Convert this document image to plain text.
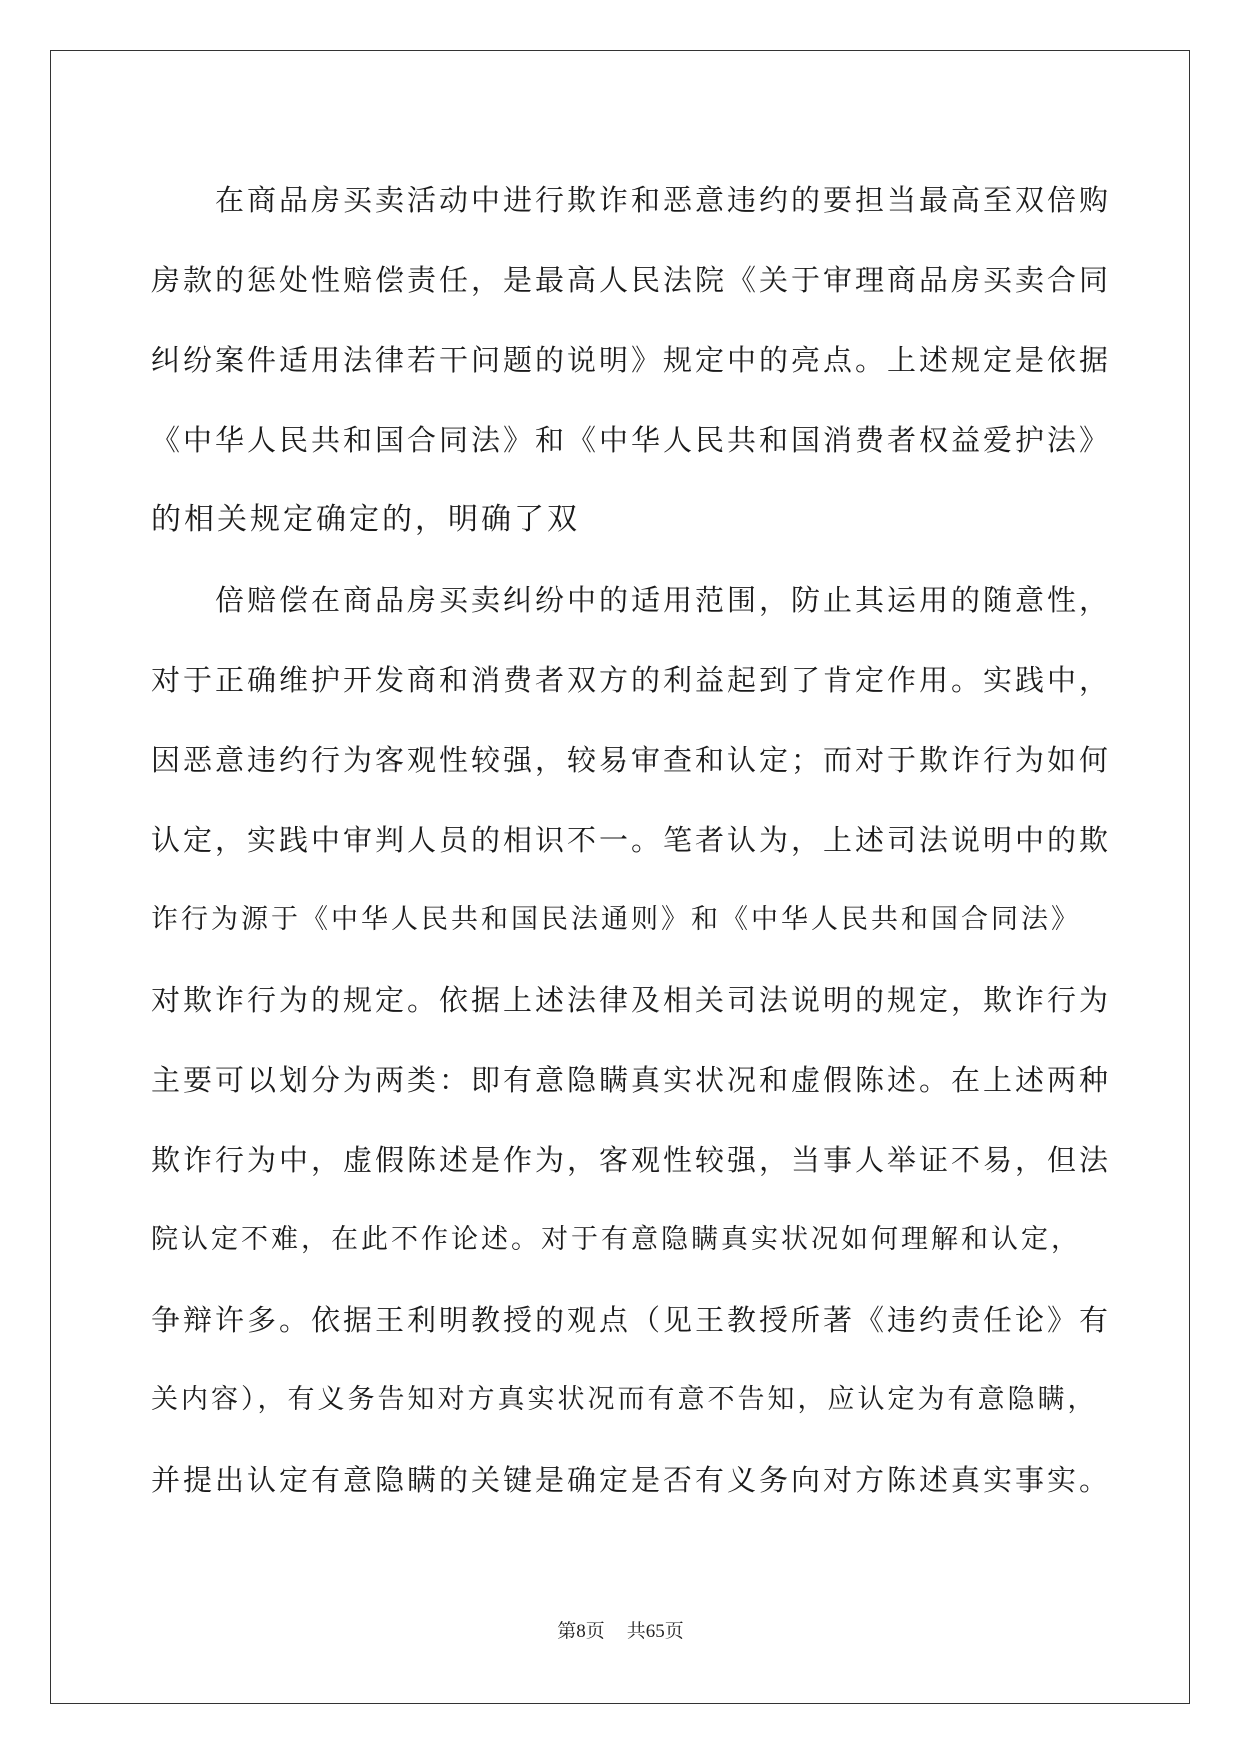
在商品房买卖活动中进行欺诈和恶意违约的要担当最高至双倍购

房款的惩处性赔偿责任，是最高人民法院《关于审理商品房买卖合同

纠纷案件适用法律若干问题的说明》规定中的亮点。上述规定是依据

《中华人民共和国合同法》和《中华人民共和国消费者权益爱护法》

的相关规定确定的，明确了双

倍赔偿在商品房买卖纠纷中的适用范围，防止其运用的随意性，

对于正确维护开发商和消费者双方的利益起到了肯定作用。实践中，

因恶意违约行为客观性较强，较易审查和认定；而对于欺诈行为如何

认定，实践中审判人员的相识不一。笔者认为，上述司法说明中的欺

诈行为源于《中华人民共和国民法通则》和《中华人民共和国合同法》

对欺诈行为的规定。依据上述法律及相关司法说明的规定，欺诈行为

主要可以划分为两类：即有意隐瞒真实状况和虚假陈述。在上述两种

欺诈行为中，虚假陈述是作为，客观性较强，当事人举证不易，但法

院认定不难，在此不作论述。对于有意隐瞒真实状况如何理解和认定，

争辩许多。依据王利明教授的观点（见王教授所著《违约责任论》有

关内容），有义务告知对方真实状况而有意不告知，应认定为有意隐瞒，

并提出认定有意隐瞒的关键是确定是否有义务向对方陈述真实事实。

第8页 共65页
